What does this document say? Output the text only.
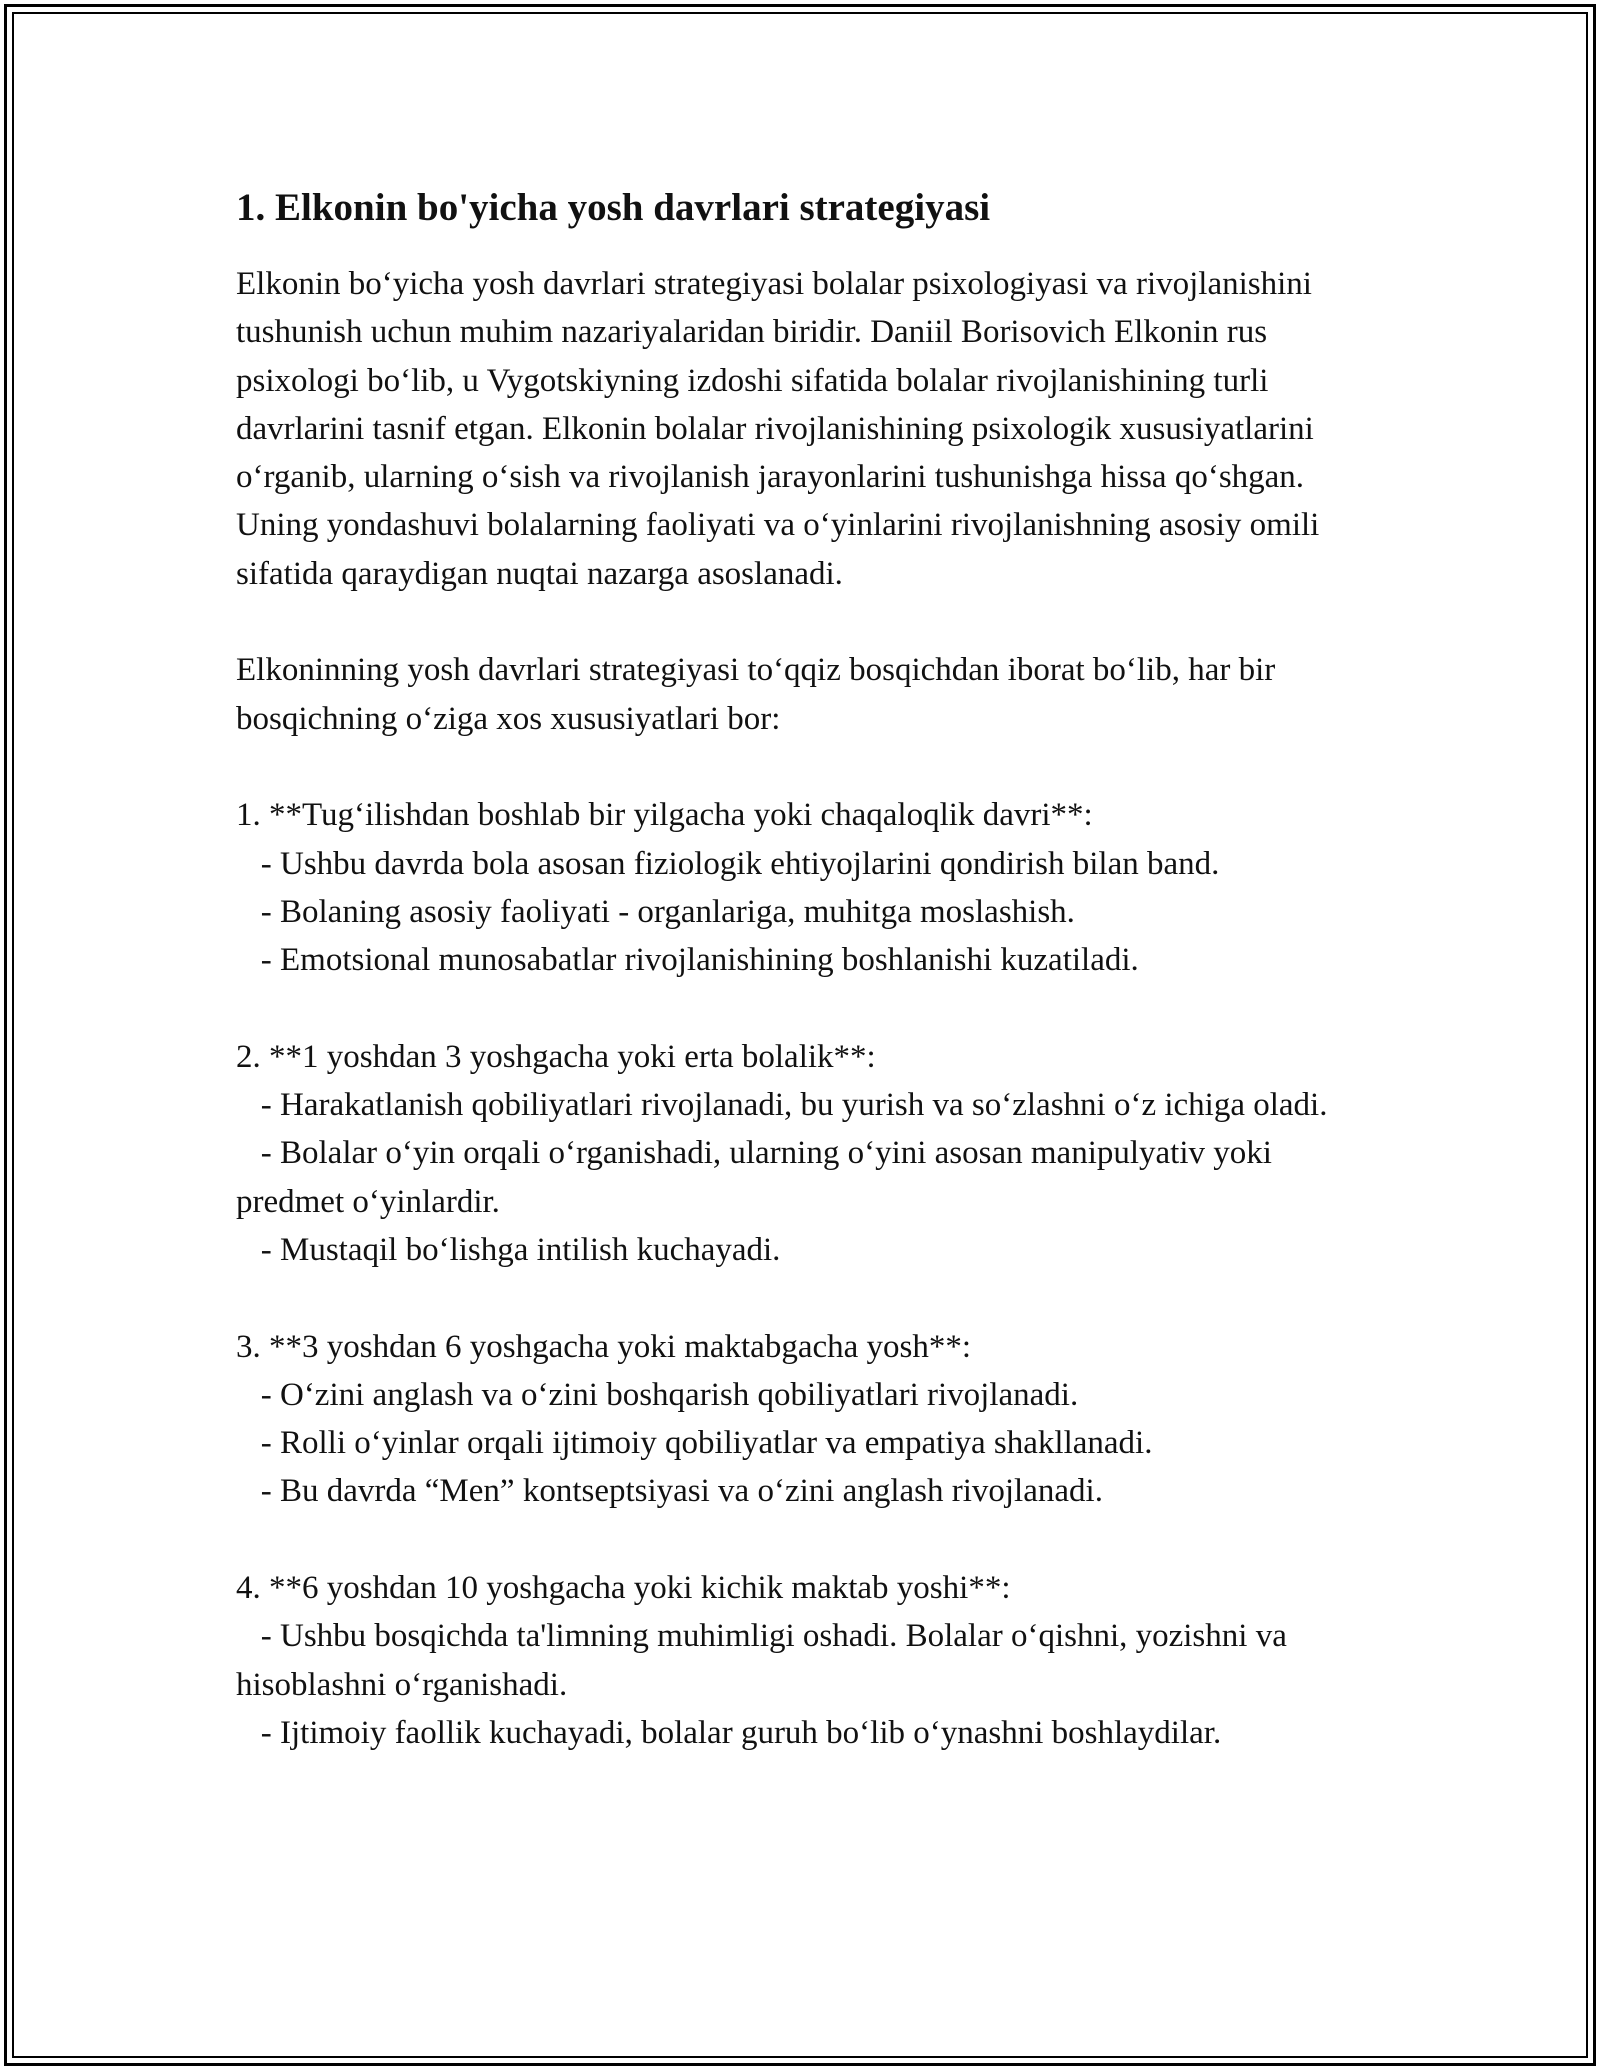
1. Elkonin bo'yicha yosh davrlari strategiyasi

Elkonin bo‘yicha yosh davrlari strategiyasi bolalar psixologiyasi va rivojlanishini tushunish uchun muhim nazariyalaridan biridir. Daniil Borisovich Elkonin rus psixologi bo‘lib, u Vygotskiyning izdoshi sifatida bolalar rivojlanishining turli davrlarini tasnif etgan. Elkonin bolalar rivojlanishining psixologik xususiyatlarini o‘rganib, ularning o‘sish va rivojlanish jarayonlarini tushunishga hissa qo‘shgan. Uning yondashuvi bolalarning faoliyati va o‘yinlarini rivojlanishning asosiy omili sifatida qaraydigan nuqtai nazarga asoslanadi.

Elkoninning yosh davrlari strategiyasi to‘qqiz bosqichdan iborat bo‘lib, har bir bosqichning o‘ziga xos xususiyatlari bor:

1. **Tug‘ilishdan boshlab bir yilgacha yoki chaqaloqlik davri**:

- Ushbu davrda bola asosan fiziologik ehtiyojlarini qondirish bilan band.

- Bolaning asosiy faoliyati - organlariga, muhitga moslashish.

- Emotsional munosabatlar rivojlanishining boshlanishi kuzatiladi.

2. **1 yoshdan 3 yoshgacha yoki erta bolalik**:

- Harakatlanish qobiliyatlari rivojlanadi, bu yurish va so‘zlashni o‘z ichiga oladi.

- Bolalar o‘yin orqali o‘rganishadi, ularning o‘yini asosan manipulyativ yoki predmet o‘yinlardir.

- Mustaqil bo‘lishga intilish kuchayadi.

3. **3 yoshdan 6 yoshgacha yoki maktabgacha yosh**:

- O‘zini anglash va o‘zini boshqarish qobiliyatlari rivojlanadi.

- Rolli o‘yinlar orqali ijtimoiy qobiliyatlar va empatiya shakllanadi.

- Bu davrda “Men” kontseptsiyasi va o‘zini anglash rivojlanadi.

4. **6 yoshdan 10 yoshgacha yoki kichik maktab yoshi**:

- Ushbu bosqichda ta'limning muhimligi oshadi. Bolalar o‘qishni, yozishni va hisoblashni o‘rganishadi.

- Ijtimoiy faollik kuchayadi, bolalar guruh bo‘lib o‘ynashni boshlaydilar.
